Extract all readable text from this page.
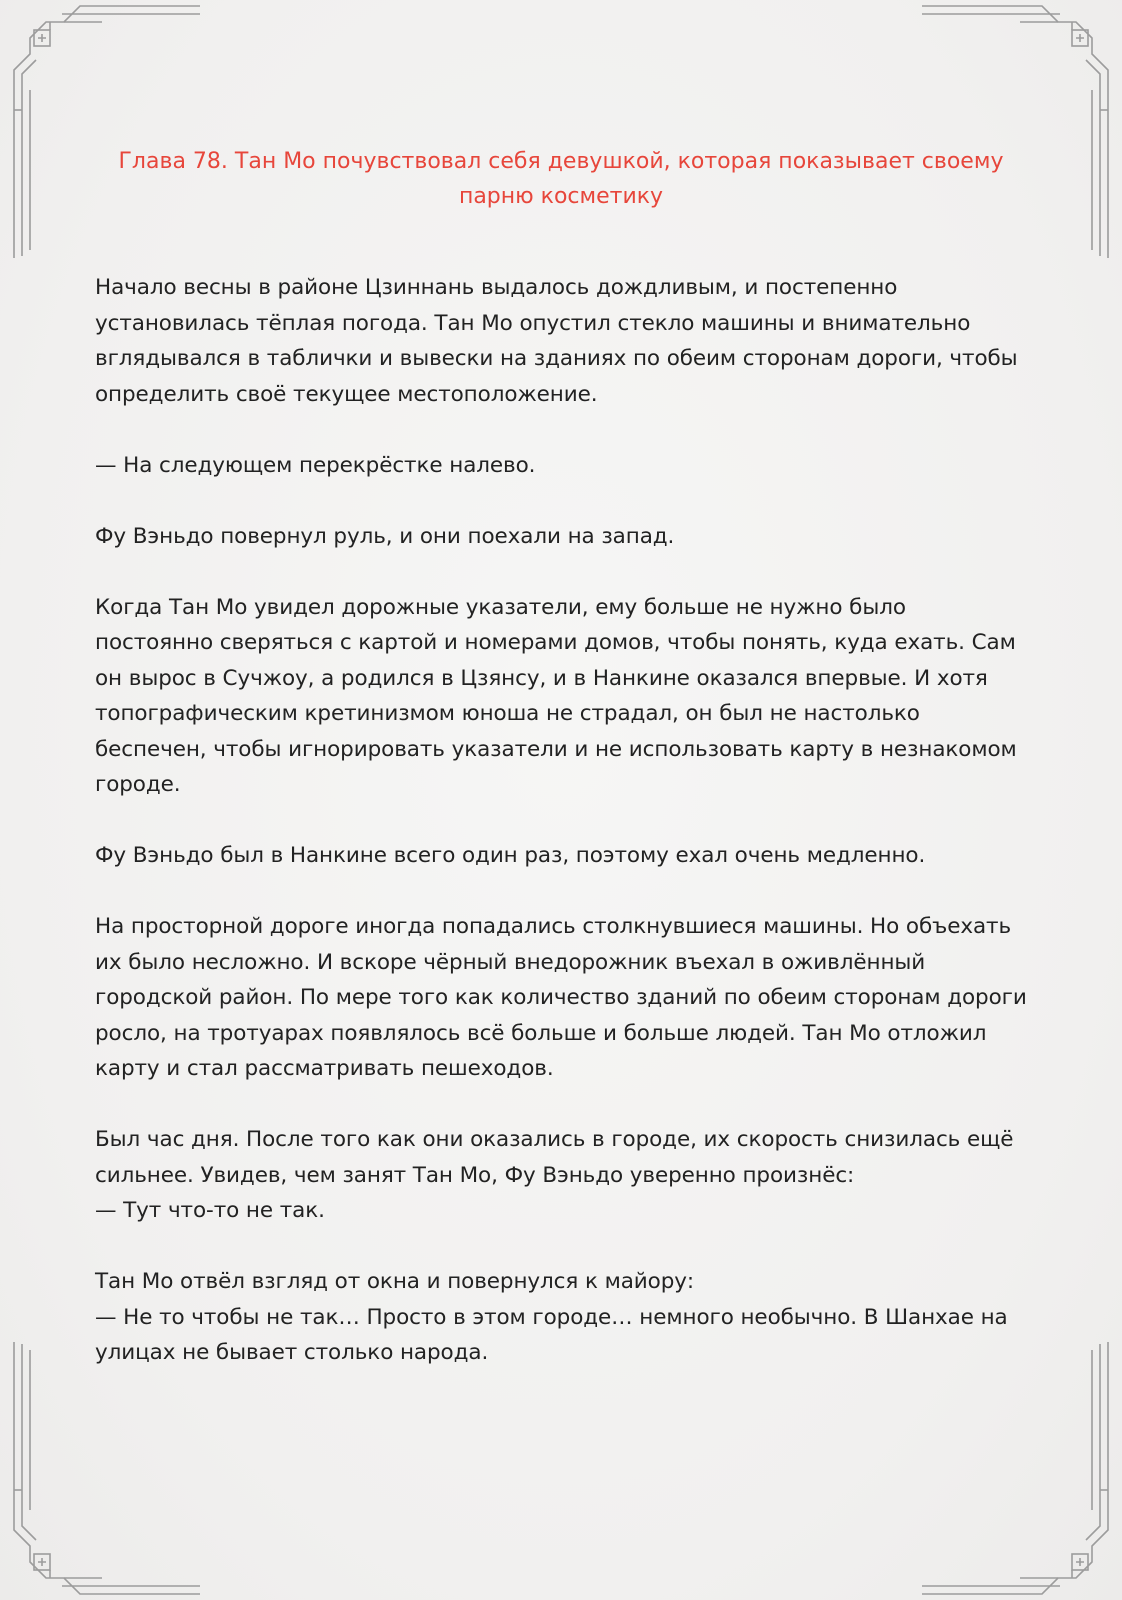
Глава 78. Тан Мо почувствовал себя девушкой, которая показывает своему парню косметику

Начало весны в районе Цзиннань выдалось дождливым, и постепенно установилась тёплая погода. Тан Мо опустил стекло машины и внимательно вглядывался в таблички и вывески на зданиях по обеим сторонам дороги, чтобы определить своё текущее местоположение.

— На следующем перекрёстке налево.

Фу Вэньдо повернул руль, и они поехали на запад.

Когда Тан Мо увидел дорожные указатели, ему больше не нужно было постоянно сверяться с картой и номерами домов, чтобы понять, куда ехать. Сам он вырос в Сучжоу, а родился в Цзянсу, и в Нанкине оказался впервые. И хотя топографическим кретинизмом юноша не страдал, он был не настолько беспечен, чтобы игнорировать указатели и не использовать карту в незнакомом городе.

Фу Вэньдо был в Нанкине всего один раз, поэтому ехал очень медленно.

На просторной дороге иногда попадались столкнувшиеся машины. Но объехать их было несложно. И вскоре чёрный внедорожник въехал в оживлённый городской район. По мере того как количество зданий по обеим сторонам дороги росло, на тротуарах появлялось всё больше и больше людей. Тан Мо отложил карту и стал рассматривать пешеходов.

Был час дня. После того как они оказались в городе, их скорость снизилась ещё сильнее. Увидев, чем занят Тан Мо, Фу Вэньдо уверенно произнёс:
— Тут что-то не так.

Тан Мо отвёл взгляд от окна и повернулся к майору:
— Не то чтобы не так… Просто в этом городе… немного необычно. В Шанхае на улицах не бывает столько народа.
